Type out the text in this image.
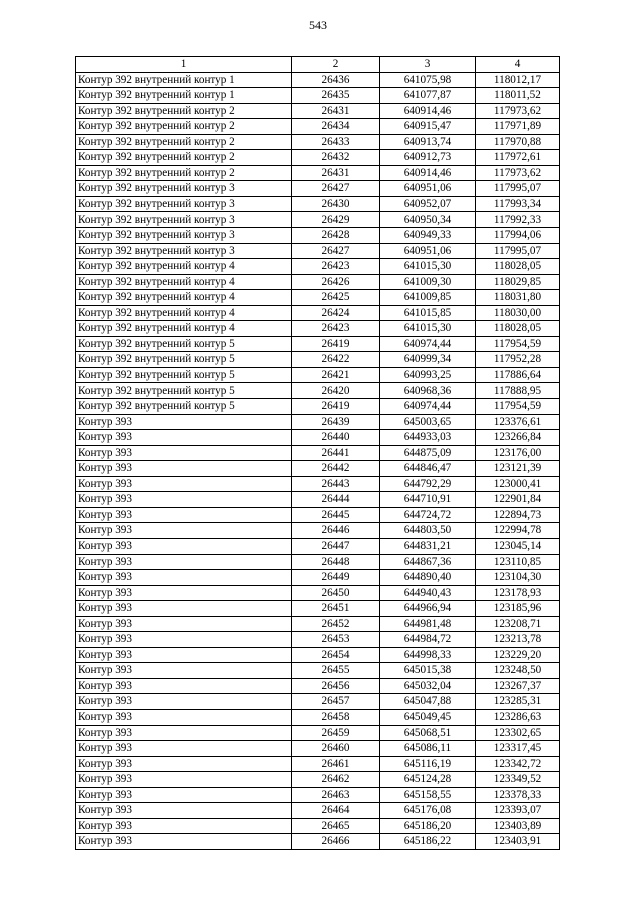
543
1	2	3	4
Контур 392 внутренний контур 1	26436	641075,98	118012,17
Контур 392 внутренний контур 1	26435	641077,87	118011,52
Контур 392 внутренний контур 2	26431	640914,46	117973,62
Контур 392 внутренний контур 2	26434	640915,47	117971,89
Контур 392 внутренний контур 2	26433	640913,74	117970,88
Контур 392 внутренний контур 2	26432	640912,73	117972,61
Контур 392 внутренний контур 2	26431	640914,46	117973,62
Контур 392 внутренний контур 3	26427	640951,06	117995,07
Контур 392 внутренний контур 3	26430	640952,07	117993,34
Контур 392 внутренний контур 3	26429	640950,34	117992,33
Контур 392 внутренний контур 3	26428	640949,33	117994,06
Контур 392 внутренний контур 3	26427	640951,06	117995,07
Контур 392 внутренний контур 4	26423	641015,30	118028,05
Контур 392 внутренний контур 4	26426	641009,30	118029,85
Контур 392 внутренний контур 4	26425	641009,85	118031,80
Контур 392 внутренний контур 4	26424	641015,85	118030,00
Контур 392 внутренний контур 4	26423	641015,30	118028,05
Контур 392 внутренний контур 5	26419	640974,44	117954,59
Контур 392 внутренний контур 5	26422	640999,34	117952,28
Контур 392 внутренний контур 5	26421	640993,25	117886,64
Контур 392 внутренний контур 5	26420	640968,36	117888,95
Контур 392 внутренний контур 5	26419	640974,44	117954,59
Контур 393	26439	645003,65	123376,61
Контур 393	26440	644933,03	123266,84
Контур 393	26441	644875,09	123176,00
Контур 393	26442	644846,47	123121,39
Контур 393	26443	644792,29	123000,41
Контур 393	26444	644710,91	122901,84
Контур 393	26445	644724,72	122894,73
Контур 393	26446	644803,50	122994,78
Контур 393	26447	644831,21	123045,14
Контур 393	26448	644867,36	123110,85
Контур 393	26449	644890,40	123104,30
Контур 393	26450	644940,43	123178,93
Контур 393	26451	644966,94	123185,96
Контур 393	26452	644981,48	123208,71
Контур 393	26453	644984,72	123213,78
Контур 393	26454	644998,33	123229,20
Контур 393	26455	645015,38	123248,50
Контур 393	26456	645032,04	123267,37
Контур 393	26457	645047,88	123285,31
Контур 393	26458	645049,45	123286,63
Контур 393	26459	645068,51	123302,65
Контур 393	26460	645086,11	123317,45
Контур 393	26461	645116,19	123342,72
Контур 393	26462	645124,28	123349,52
Контур 393	26463	645158,55	123378,33
Контур 393	26464	645176,08	123393,07
Контур 393	26465	645186,20	123403,89
Контур 393	26466	645186,22	123403,91
